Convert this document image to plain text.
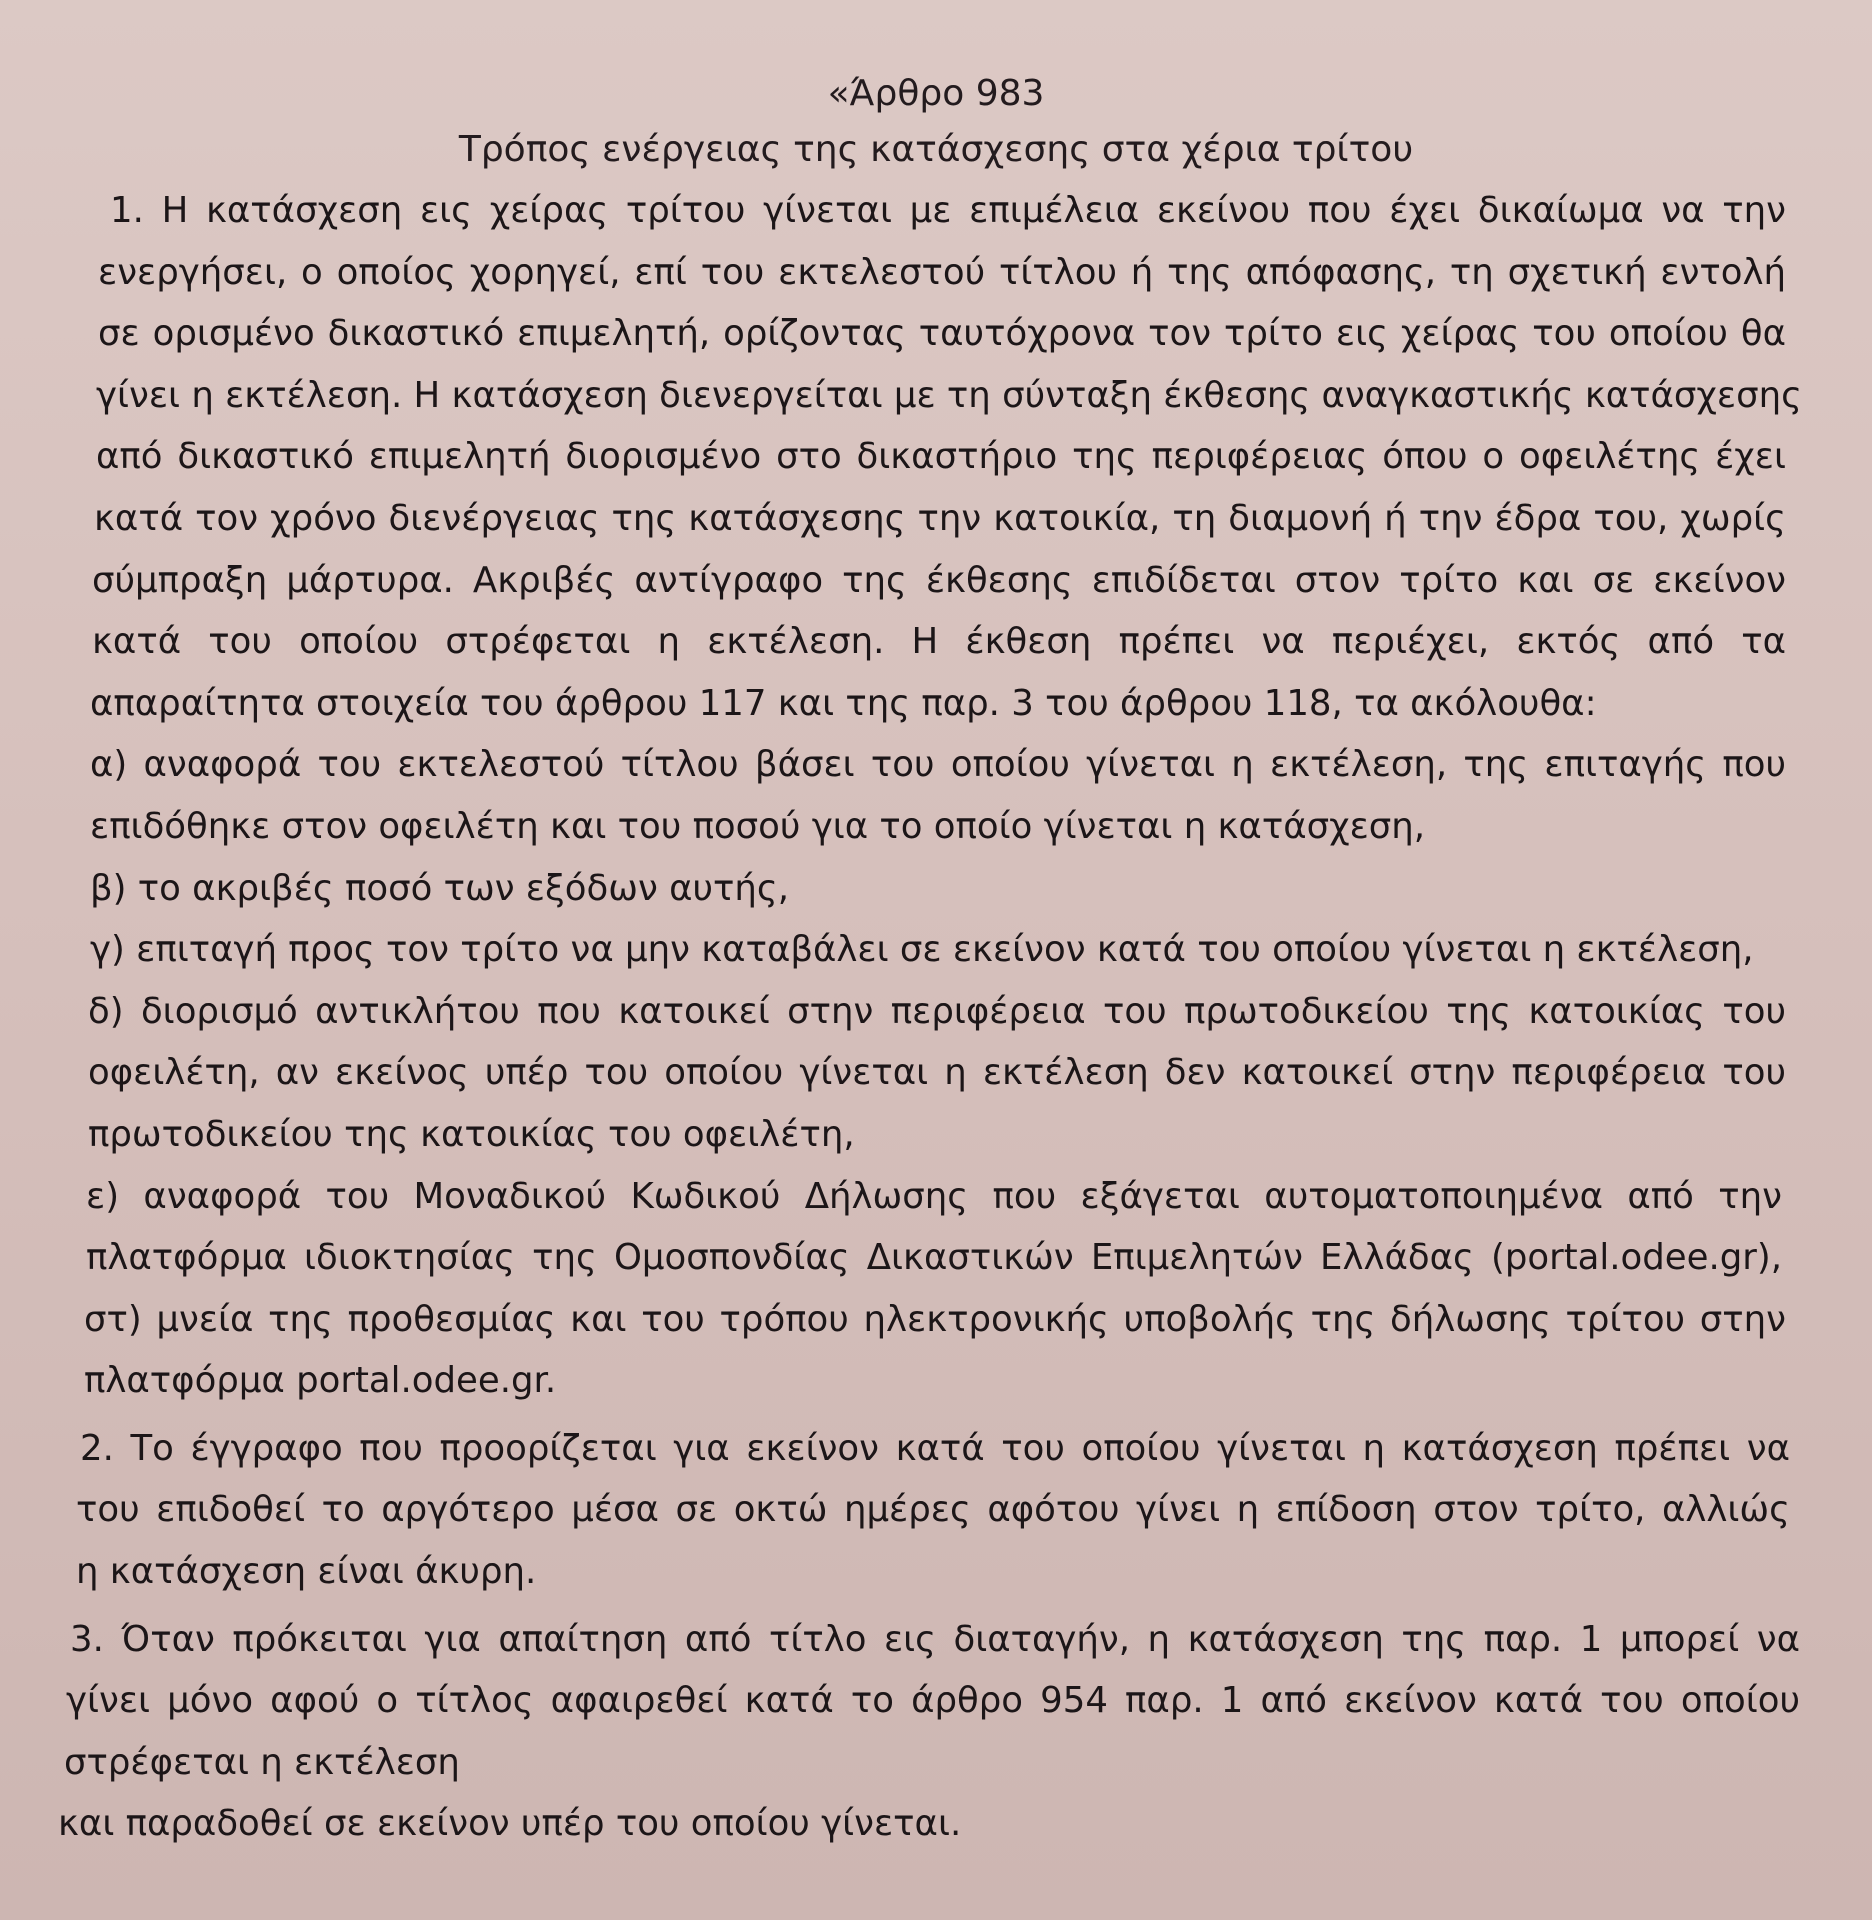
«Άρθρο 983
Τρόπος ενέργειας της κατάσχεσης στα χέρια τρίτου
1. Η κατάσχεση εις χείρας τρίτου γίνεται με επιμέλεια εκείνου που έχει δικαίωμα να την
ενεργήσει, ο οποίος χορηγεί, επί του εκτελεστού τίτλου ή της απόφασης, τη σχετική εντολή
σε ορισμένο δικαστικό επιμελητή, ορίζοντας ταυτόχρονα τον τρίτο εις χείρας του οποίου θα
γίνει η εκτέλεση. Η κατάσχεση διενεργείται με τη σύνταξη έκθεσης αναγκαστικής κατάσχεσης
από δικαστικό επιμελητή διορισμένο στο δικαστήριο της περιφέρειας όπου ο οφειλέτης έχει
κατά τον χρόνο διενέργειας της κατάσχεσης την κατοικία, τη διαμονή ή την έδρα του, χωρίς
σύμπραξη μάρτυρα. Ακριβές αντίγραφο της έκθεσης επιδίδεται στον τρίτο και σε εκείνον
κατά του οποίου στρέφεται η εκτέλεση. Η έκθεση πρέπει να περιέχει, εκτός από τα
απαραίτητα στοιχεία του άρθρου 117 και της παρ. 3 του άρθρου 118, τα ακόλουθα:
α) αναφορά του εκτελεστού τίτλου βάσει του οποίου γίνεται η εκτέλεση, της επιταγής που
επιδόθηκε στον οφειλέτη και του ποσού για το οποίο γίνεται η κατάσχεση,
β) το ακριβές ποσό των εξόδων αυτής,
γ) επιταγή προς τον τρίτο να μην καταβάλει σε εκείνον κατά του οποίου γίνεται η εκτέλεση,
δ) διορισμό αντικλήτου που κατοικεί στην περιφέρεια του πρωτοδικείου της κατοικίας του
οφειλέτη, αν εκείνος υπέρ του οποίου γίνεται η εκτέλεση δεν κατοικεί στην περιφέρεια του
πρωτοδικείου της κατοικίας του οφειλέτη,
ε) αναφορά του Μοναδικού Κωδικού Δήλωσης που εξάγεται αυτοματοποιημένα από την
πλατφόρμα ιδιοκτησίας της Ομοσπονδίας Δικαστικών Επιμελητών Ελλάδας (portal.odee.gr),
στ) μνεία της προθεσμίας και του τρόπου ηλεκτρονικής υποβολής της δήλωσης τρίτου στην
πλατφόρμα portal.odee.gr.
2. Το έγγραφο που προορίζεται για εκείνον κατά του οποίου γίνεται η κατάσχεση πρέπει να
του επιδοθεί το αργότερο μέσα σε οκτώ ημέρες αφότου γίνει η επίδοση στον τρίτο, αλλιώς
η κατάσχεση είναι άκυρη.
3. Όταν πρόκειται για απαίτηση από τίτλο εις διαταγήν, η κατάσχεση της παρ. 1 μπορεί να
γίνει μόνο αφού ο τίτλος αφαιρεθεί κατά το άρθρο 954 παρ. 1 από εκείνον κατά του οποίου
στρέφεται η εκτέλεση
και παραδοθεί σε εκείνον υπέρ του οποίου γίνεται.
